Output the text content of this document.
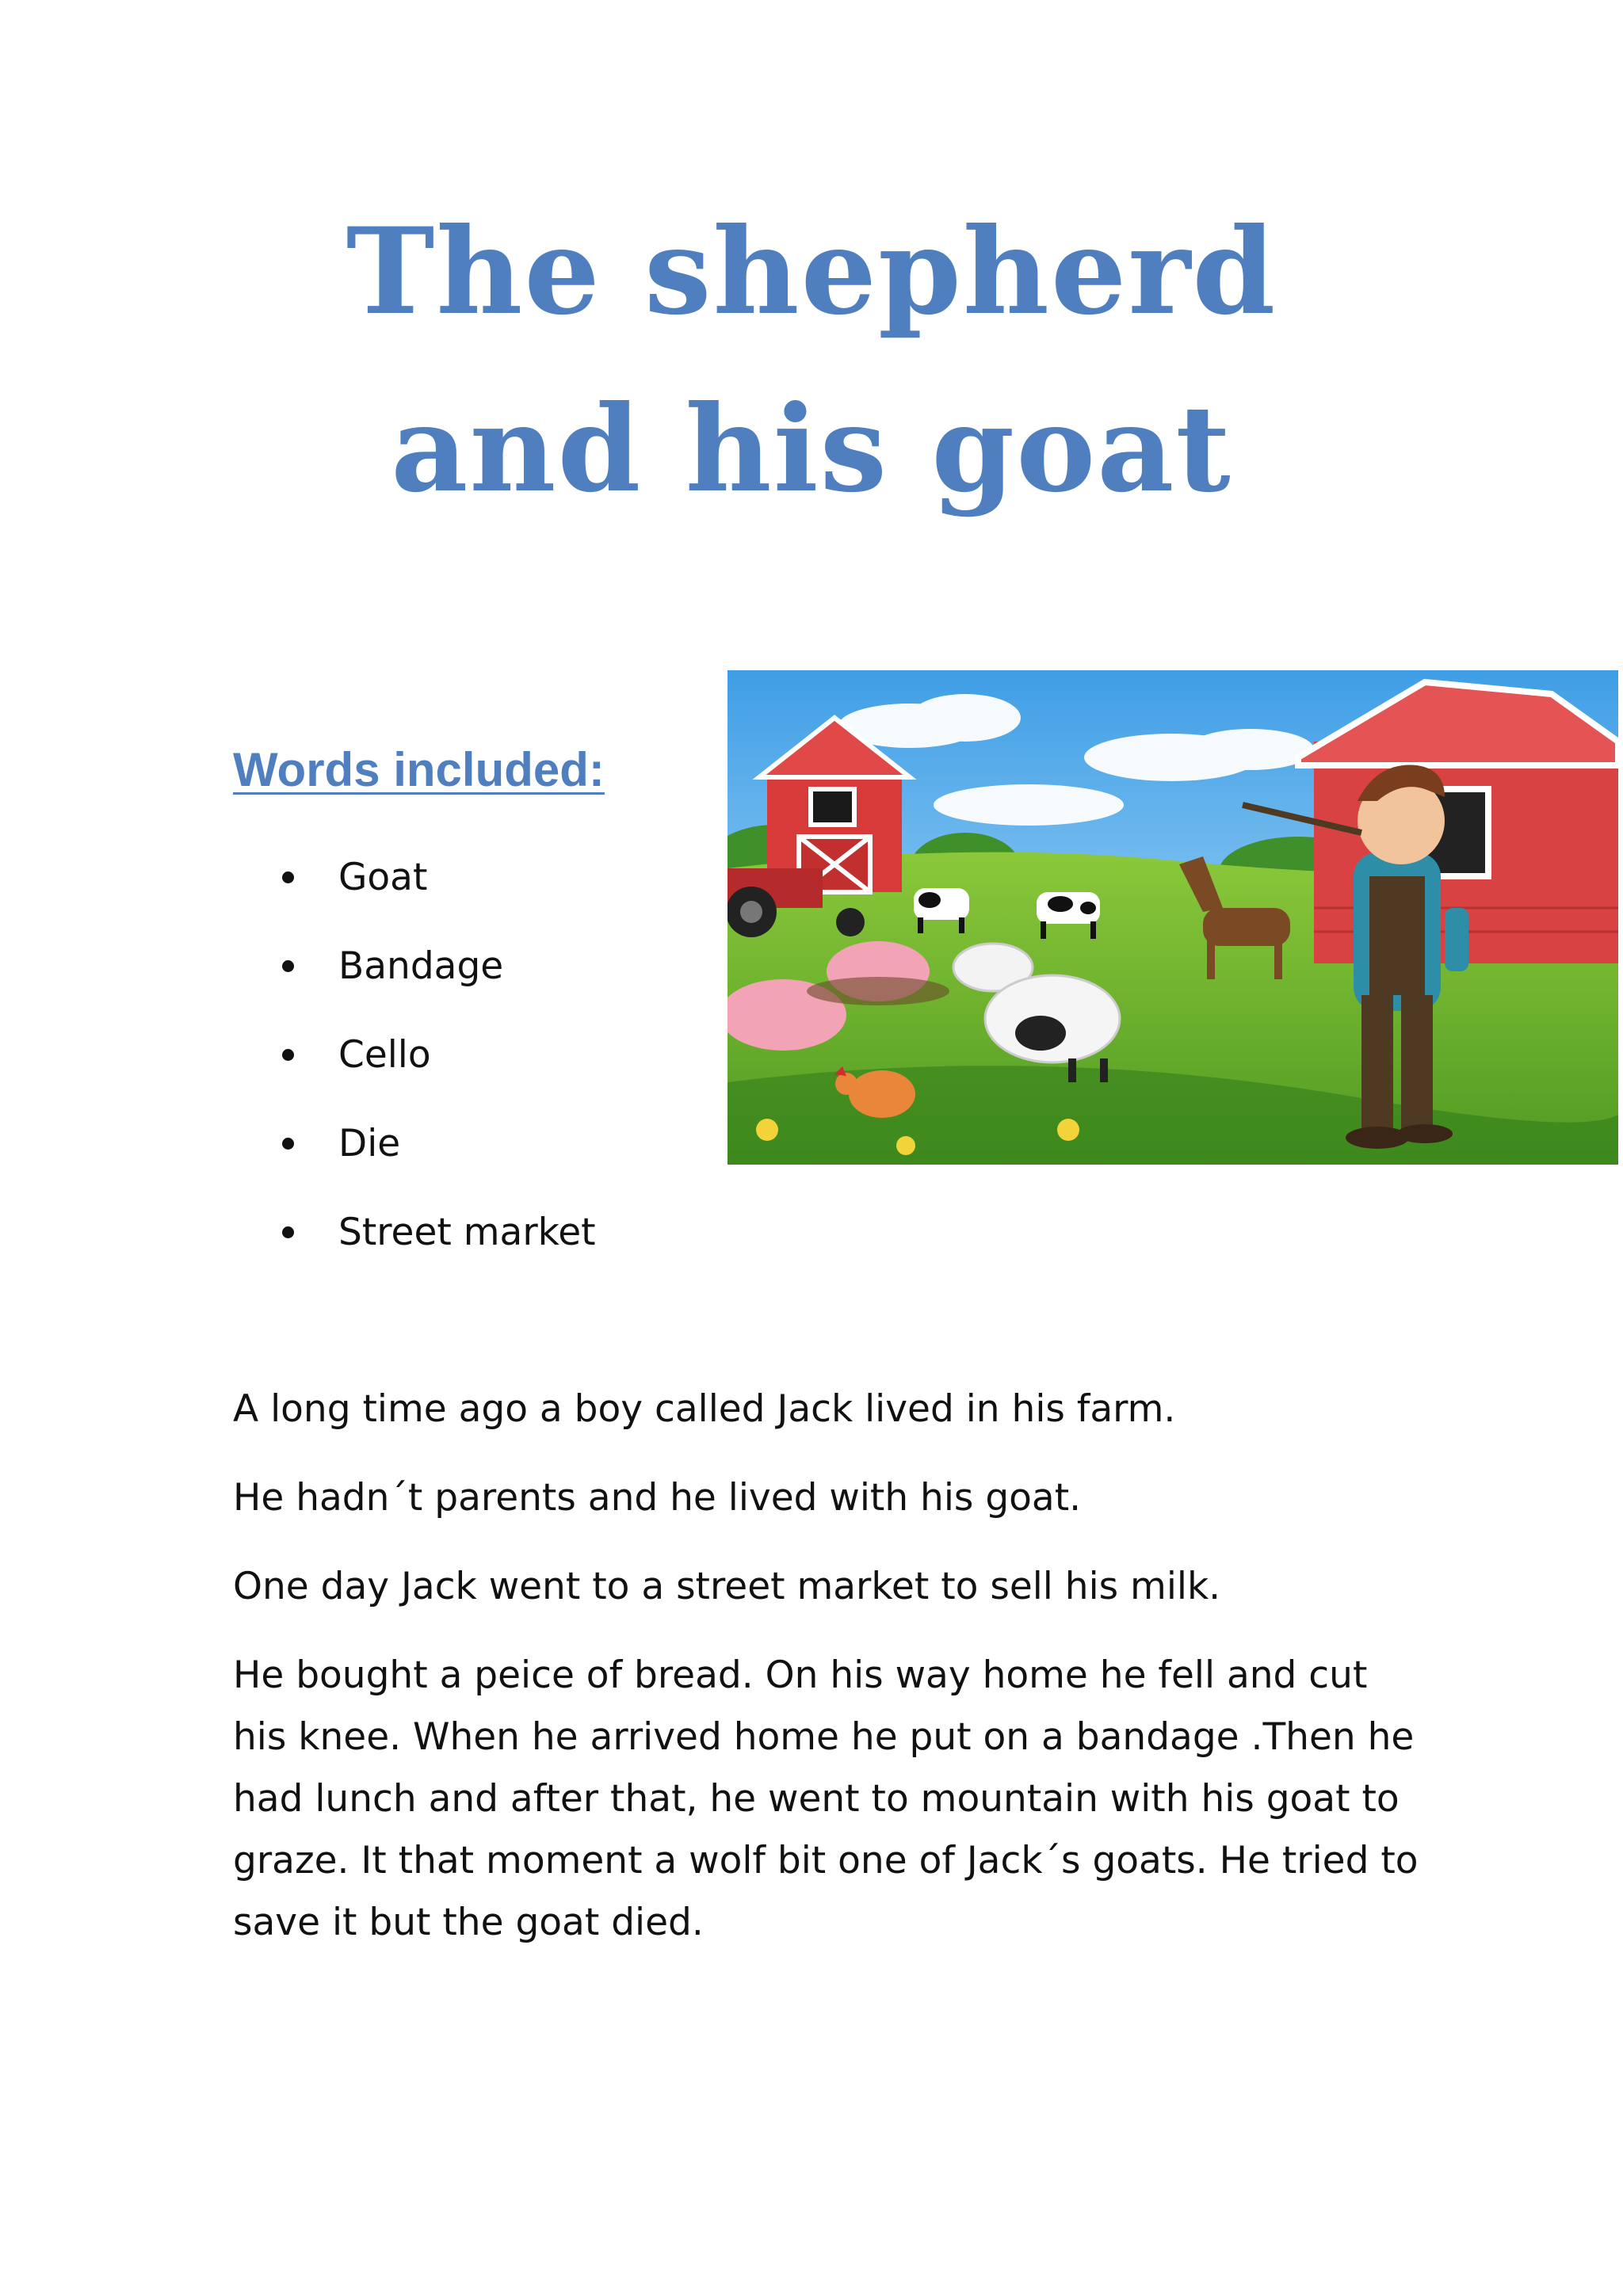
The shepherd
and his goat
Words included:
Goat
Bandage
Cello
Die
Street market

A long time ago a boy called Jack lived in his farm.

He hadn´t parents and he lived with his goat.

One day Jack went to a street market to sell his milk.

He bought a peice of bread. On his way home he fell and cut his knee. When he arrived home he put on a bandage .Then he had lunch and after that, he went to mountain with his goat to graze. It that moment a wolf bit one of Jack´s goats. He tried to save it but the goat died.
